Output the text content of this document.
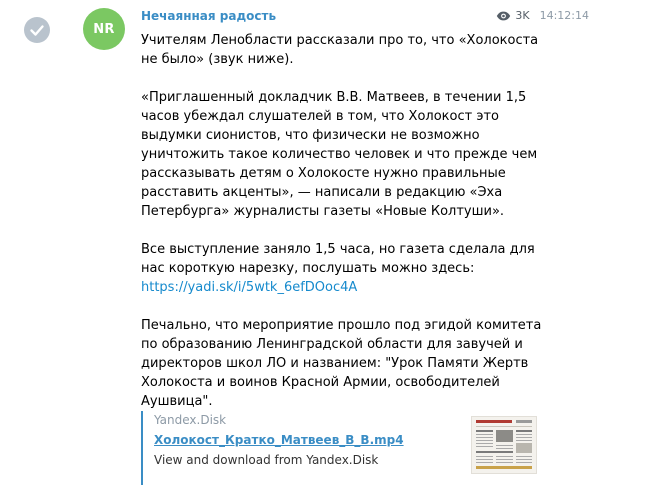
NR
Нечаянная радость	3K 14:12:14

Учителям Ленобласти рассказали про то, что «Холокоста не было» (звук ниже).

«Приглашенный докладчик В.В. Матвеев, в течении 1,5 часов убеждал слушателей в том, что Холокост это выдумки сионистов, что физически не возможно уничтожить такое количество человек и что прежде чем рассказывать детям о Холокосте нужно правильные расставить акценты», — написали в редакцию «Эха Петербурга» журналисты газеты «Новые Колтуши».

Все выступление заняло 1,5 часа, но газета сделала для нас короткую нарезку, послушать можно здесь:
https://yadi.sk/i/5wtk_6efDOoc4A

Печально, что мероприятие прошло под эгидой комитета по образованию Ленинградской области для завучей и директоров школ ЛО и названием: "Урок Памяти Жертв Холокоста и воинов Красной Армии, освободителей Аушвица".

Yandex.Disk
Холокост_Кратко_Матвеев_В_В.mp4
View and download from Yandex.Disk
